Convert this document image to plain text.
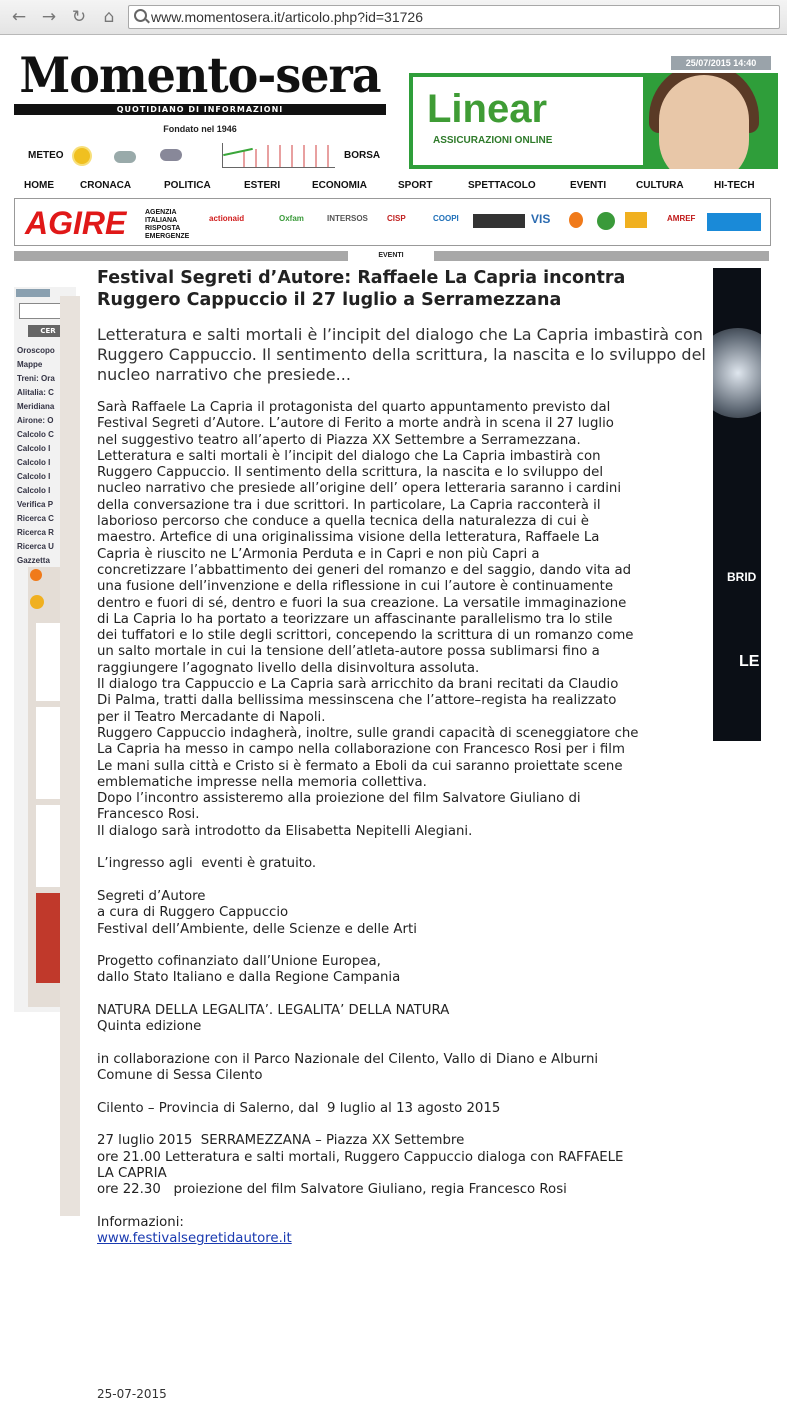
← → ↻	⌂	www.momentosera.it/articolo.php?id=31726
25/07/2015 14:40
Momento-sera
QUOTIDIANO DI INFORMAZIONI
Fondato nel 1946	Linear
ASSICURAZIONI ONLINE
METEO	BORSA
HOME	CRONACA	POLITICA	ESTERI	ECONOMIA	SPORT	SPETTACOLO	EVENTI	CULTURA	HI-TECH
AGIRE	AGENZIA
ITALIANA
RISPOSTA
EMERGENZE
actionaid	Oxfam	INTERSOS CISP	COOPI	VIS	AMREF
EVENTI
CER
Oroscopo
Mappe
Treni: Ora
Alitalia: C
Meridiana
Airone: O
Calcolo C
Calcolo I
Calcolo I
Calcolo I
Calcolo I
Verifica P
Ricerca C
Ricerca R
Ricerca U
Gazzetta
Festival Segreti d’Autore: Raffaele La Capria incontra Ruggero Cappuccio il 27 luglio a Serramezzana
Letteratura e salti mortali è l’incipit del dialogo che La Capria imbastirà con Ruggero Cappuccio. Il sentimento della scrittura, la nascita e lo sviluppo del nucleo narrativo che presiede...
Sarà Raffaele La Capria il protagonista del quarto appuntamento previsto dal
Festival Segreti d’Autore. L’autore di Ferito a morte andrà in scena il 27 luglio
nel suggestivo teatro all’aperto di Piazza XX Settembre a Serramezzana.
Letteratura e salti mortali è l’incipit del dialogo che La Capria imbastirà con
Ruggero Cappuccio. Il sentimento della scrittura, la nascita e lo sviluppo del
nucleo narrativo che presiede all’origine dell’ opera letteraria saranno i cardini
della conversazione tra i due scrittori. In particolare, La Capria racconterà il
laborioso percorso che conduce a quella tecnica della naturalezza di cui è
maestro. Artefice di una originalissima visione della letteratura, Raffaele La
Capria è riuscito ne L’Armonia Perduta e in Capri e non più Capri a
concretizzare l’abbattimento dei generi del romanzo e del saggio, dando vita ad
una fusione dell’invenzione e della riflessione in cui l’autore è continuamente
dentro e fuori di sé, dentro e fuori la sua creazione. La versatile immaginazione
di La Capria lo ha portato a teorizzare un affascinante parallelismo tra lo stile
dei tuffatori e lo stile degli scrittori, concependo la scrittura di un romanzo come
un salto mortale in cui la tensione dell’atleta-autore possa sublimarsi fino a
raggiungere l’agognato livello della disinvoltura assoluta.
Il dialogo tra Cappuccio e La Capria sarà arricchito da brani recitati da Claudio
Di Palma, tratti dalla bellissima messinscena che l’attore–regista ha realizzato
per il Teatro Mercadante di Napoli.
Ruggero Cappuccio indagherà, inoltre, sulle grandi capacità di sceneggiatore che
La Capria ha messo in campo nella collaborazione con Francesco Rosi per i film
Le mani sulla città e Cristo si è fermato a Eboli da cui saranno proiettate scene
emblematiche impresse nella memoria collettiva.
Dopo l’incontro assisteremo alla proiezione del film Salvatore Giuliano di
Francesco Rosi.
Il dialogo sarà introdotto da Elisabetta Nepitelli Alegiani.

L’ingresso agli  eventi è gratuito.

Segreti d’Autore
a cura di Ruggero Cappuccio
Festival dell’Ambiente, delle Scienze e delle Arti

Progetto cofinanziato dall’Unione Europea,
dallo Stato Italiano e dalla Regione Campania

NATURA DELLA LEGALITA’. LEGALITA’ DELLA NATURA
Quinta edizione

in collaborazione con il Parco Nazionale del Cilento, Vallo di Diano e Alburni
Comune di Sessa Cilento

Cilento – Provincia di Salerno, dal  9 luglio al 13 agosto 2015

27 luglio 2015  SERRAMEZZANA – Piazza XX Settembre
ore 21.00 Letteratura e salti mortali, Ruggero Cappuccio dialoga con RAFFAELE
LA CAPRIA
ore 22.30   proiezione del film Salvatore Giuliano, regia Francesco Rosi

Informazioni:
www.festivalsegretidautore.it
25-07-2015
BRID
LE
